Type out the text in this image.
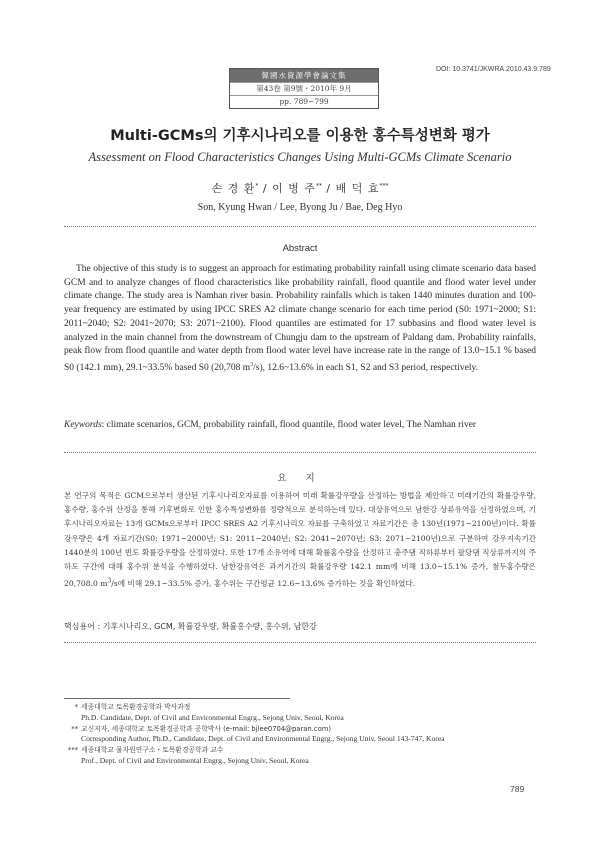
韓國水資源學會論文集
第43卷 第9號・2010年 9月
pp. 789~799
DOI: 10.3741/JKWRA.2010.43.9.789
Multi-GCMs의 기후시나리오를 이용한 홍수특성변화 평가
Assessment on Flood Characteristics Changes Using Multi-GCMs Climate Scenario
손 경 환* / 이 병 주** / 배 덕 효***
Son, Kyung Hwan / Lee, Byong Ju / Bae, Deg Hyo
Abstract

The objective of this study is to suggest an approach for estimating probability rainfall using climate scenario data based GCM and to analyze changes of flood characteristics like probability rainfall, flood quantile and flood water level under climate change. The study area is Namhan river basin. Probability rainfalls which is taken 1440 minutes duration and 100-year frequency are estimated by using IPCC SRES A2 climate change scenario for each time period (S0: 1971~2000; S1: 2011~2040; S2: 2041~2070; S3: 2071~2100). Flood quantiles are estimated for 17 subbasins and flood water level is analyzed in the main channel from the downstream of Chungju dam to the upstream of Paldang dam. Probability rainfalls, peak flow from flood quantile and water depth from flood water level have increase rate in the range of 13.0~15.1 % based S0 (142.1 mm), 29.1~33.5% based S0 (20,708 $m^3/s$), 12.6~13.6% in each S1, S2 and S3 period, respectively.

Keywords: climate scenarios, GCM, probability rainfall, flood quantile, flood water level, The Namhan river
요 지

본 연구의 목적은 GCM으로부터 생산된 기후시나리오자료를 이용하여 미래 확률강우량을 산정하는 방법을 제안하고 미래기간의 확률강우량, 홍수량, 홍수위 산정을 통해 기후변화로 인한 홍수특성변화를 정량적으로 분석하는데 있다. 대상유역으로 남한강 상류유역을 선정하였으며, 기후시나리오자료는 13개 GCMs으로부터 IPCC SRES A2 기후시나리오 자료를 구축하였고 자료기간은 총 130년(1971~2100년)이다. 확률강우량은 4개 자료기간(S0: 1971~2000년; S1: 2011~2040년; S2: 2041~2070년; S3: 2071~2100년)으로 구분하여 강우지속기간 1440분의 100년 빈도 확률강우량을 산정하였다. 또한 17개 소유역에 대해 확률홍수량을 산정하고 충주댐 직하류부터 팔당댐 직상류까지의 주하도 구간에 대해 홍수위 분석을 수행하였다. 남한강유역은 과거기간의 확률강우량 142.1 mm에 비해 13.0~15.1% 증가, 첨두홍수량은 20,708.0 $m^3/s$에 비해 29.1~33.5% 증가, 홍수위는 구간평균 12.6~13.6% 증가하는 것을 확인하였다.

핵심용어 : 기후시나리오, GCM, 확률강우량, 확률홍수량, 홍수위, 남한강
* 세종대학교 토목환경공학과 박사과정
Ph.D. Candidate, Dept. of Civil and Environmental Engrg., Sejong Univ, Seoul, Korea
** 교신저자, 세종대학교 토목환경공학과 공학박사 (e-mail: bjlee0704@paran.com)
Corresponding Author, Ph.D., Candidate, Dept. of Civil and Environmental Engrg., Sejong Univ, Seoul 143-747, Korea
*** 세종대학교 물자원연구소・토목환경공학과 교수
Prof., Dept. of Civil and Environmental Engrg., Sejong Univ, Seoul, Korea
789
